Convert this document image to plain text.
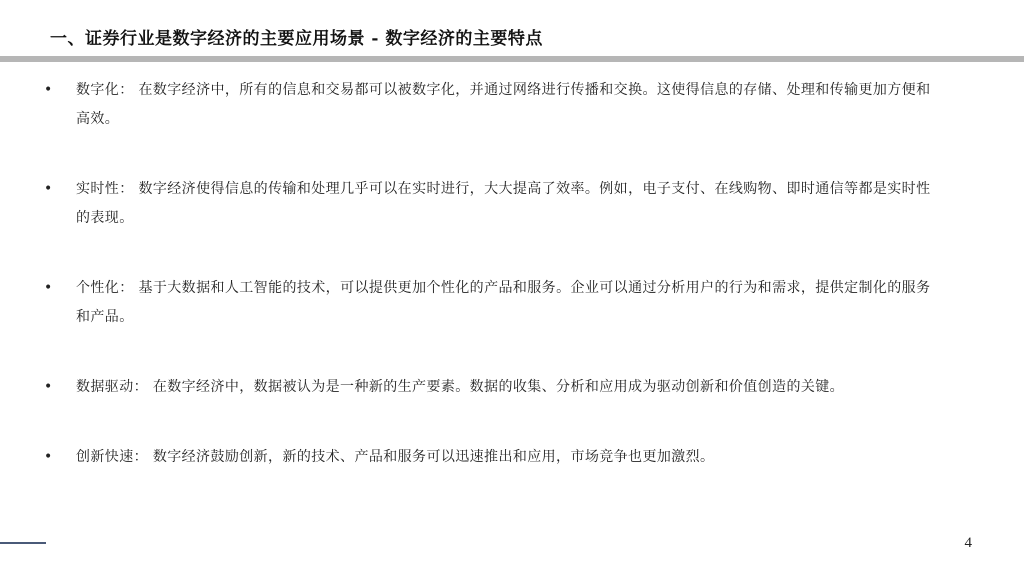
一、证券行业是数字经济的主要应用场景 - 数字经济的主要特点
• 数字化： 在数字经济中，所有的信息和交易都可以被数字化，并通过网络进行传播和交换。这使得信息的存储、处理和传输更加方便和高效。
• 实时性： 数字经济使得信息的传输和处理几乎可以在实时进行，大大提高了效率。例如，电子支付、在线购物、即时通信等都是实时性的表现。
• 个性化： 基于大数据和人工智能的技术，可以提供更加个性化的产品和服务。企业可以通过分析用户的行为和需求，提供定制化的服务和产品。
• 数据驱动： 在数字经济中，数据被认为是一种新的生产要素。数据的收集、分析和应用成为驱动创新和价值创造的关键。
• 创新快速： 数字经济鼓励创新，新的技术、产品和服务可以迅速推出和应用，市场竞争也更加激烈。
4
